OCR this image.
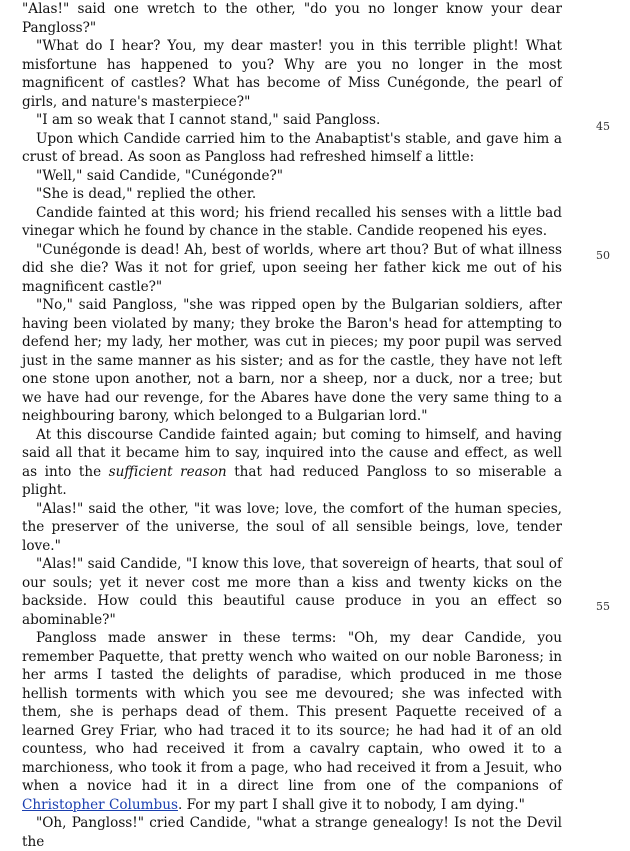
"Alas!" said one wretch to the other, "do you no longer know your dear Pangloss?"

"What do I hear? You, my dear master! you in this terrible plight! What misfortune has happened to you? Why are you no longer in the most magnificent of castles? What has become of Miss Cunégonde, the pearl of girls, and nature's masterpiece?"

"I am so weak that I cannot stand," said Pangloss.

Upon which Candide carried him to the Anabaptist's stable, and gave him a crust of bread. As soon as Pangloss had refreshed himself a little:

"Well," said Candide, "Cunégonde?"

"She is dead," replied the other.

Candide fainted at this word; his friend recalled his senses with a little bad vinegar which he found by chance in the stable. Candide reopened his eyes.

"Cunégonde is dead! Ah, best of worlds, where art thou? But of what illness did she die? Was it not for grief, upon seeing her father kick me out of his magnificent castle?"

"No," said Pangloss, "she was ripped open by the Bulgarian soldiers, after having been violated by many; they broke the Baron's head for attempting to defend her; my lady, her mother, was cut in pieces; my poor pupil was served just in the same manner as his sister; and as for the castle, they have not left one stone upon another, not a barn, nor a sheep, nor a duck, nor a tree; but we have had our revenge, for the Abares have done the very same thing to a neighbouring barony, which belonged to a Bulgarian lord."

At this discourse Candide fainted again; but coming to himself, and having said all that it became him to say, inquired into the cause and effect, as well as into the sufficient reason that had reduced Pangloss to so miserable a plight.

"Alas!" said the other, "it was love; love, the comfort of the human species, the preserver of the universe, the soul of all sensible beings, love, tender love."

"Alas!" said Candide, "I know this love, that sovereign of hearts, that soul of our souls; yet it never cost me more than a kiss and twenty kicks on the backside. How could this beautiful cause produce in you an effect so abominable?"

Pangloss made answer in these terms: "Oh, my dear Candide, you remember Paquette, that pretty wench who waited on our noble Baroness; in her arms I tasted the delights of paradise, which produced in me those hellish torments with which you see me devoured; she was infected with them, she is perhaps dead of them. This present Paquette received of a learned Grey Friar, who had traced it to its source; he had had it of an old countess, who had received it from a cavalry captain, who owed it to a marchioness, who took it from a page, who had received it from a Jesuit, who when a novice had it in a direct line from one of the companions of Christopher Columbus. For my part I shall give it to nobody, I am dying."

"Oh, Pangloss!" cried Candide, "what a strange genealogy! Is not the Devil the

45
50
55
